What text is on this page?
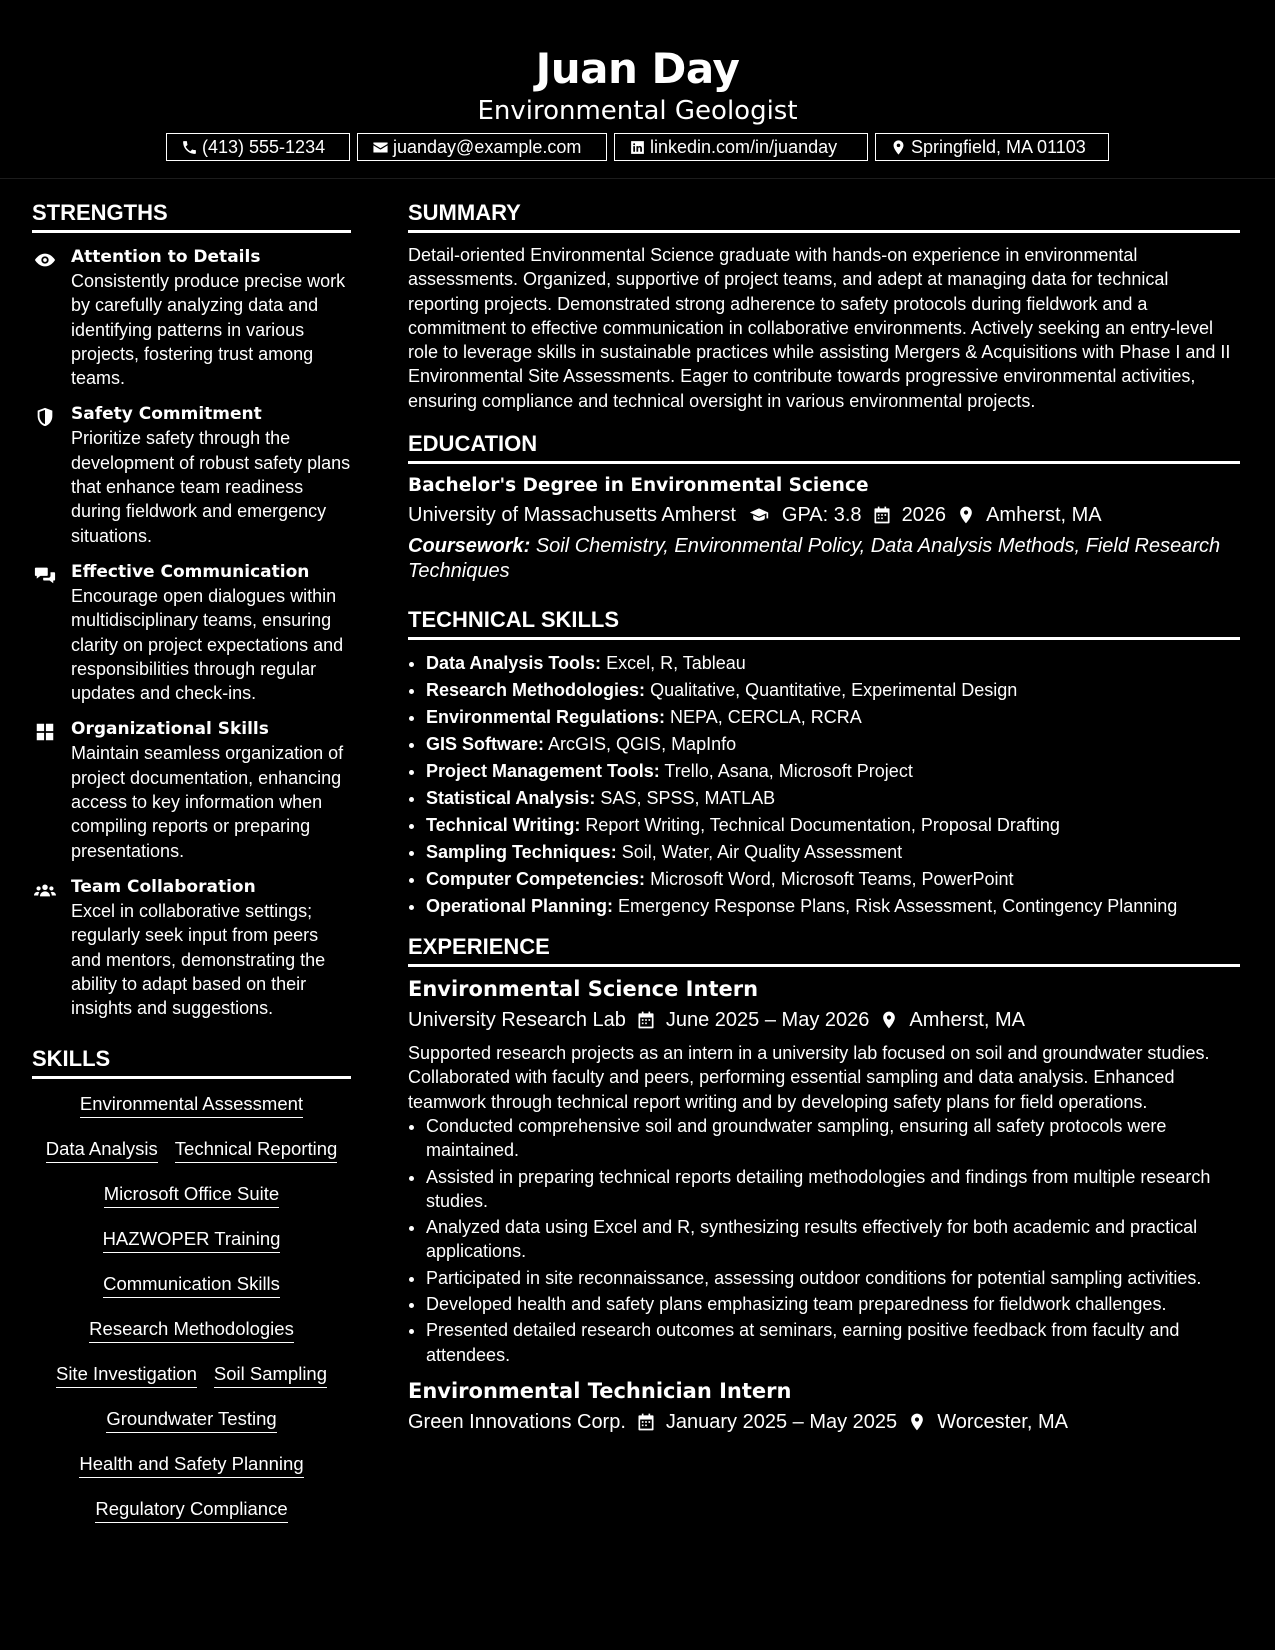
Juan Day
Environmental Geologist
(413) 555-1234	juanday@example.com	linkedin.com/in/juanday	Springfield, MA 01103
STRENGTHS
Attention to Details
Consistently produce precise work by carefully analyzing data and identifying patterns in various projects, fostering trust among teams.
Safety Commitment
Prioritize safety through the development of robust safety plans that enhance team readiness during fieldwork and emergency situations.
Effective Communication
Encourage open dialogues within multidisciplinary teams, ensuring clarity on project expectations and responsibilities through regular updates and check-ins.
Organizational Skills
Maintain seamless organization of project documentation, enhancing access to key information when compiling reports or preparing presentations.
Team Collaboration
Excel in collaborative settings; regularly seek input from peers and mentors, demonstrating the ability to adapt based on their insights and suggestions.
SKILLS
Environmental Assessment
Data Analysis Technical Reporting
Microsoft Office Suite
HAZWOPER Training
Communication Skills
Research Methodologies
Site Investigation Soil Sampling
Groundwater Testing
Health and Safety Planning
Regulatory Compliance
SUMMARY
Detail-oriented Environmental Science graduate with hands-on experience in environmental assessments. Organized, supportive of project teams, and adept at managing data for technical reporting projects. Demonstrated strong adherence to safety protocols during fieldwork and a commitment to effective communication in collaborative environments. Actively seeking an entry-level role to leverage skills in sustainable practices while assisting Mergers & Acquisitions with Phase I and II Environmental Site Assessments. Eager to contribute towards progressive environmental activities, ensuring compliance and technical oversight in various environmental projects.
EDUCATION
Bachelor's Degree in Environmental Science
University of Massachusetts Amherst GPA: 3.8 2026 Amherst, MA
Coursework: Soil Chemistry, Environmental Policy, Data Analysis Methods, Field Research Techniques
TECHNICAL SKILLS
• Data Analysis Tools: Excel, R, Tableau
• Research Methodologies: Qualitative, Quantitative, Experimental Design
• Environmental Regulations: NEPA, CERCLA, RCRA
• GIS Software: ArcGIS, QGIS, MapInfo
• Project Management Tools: Trello, Asana, Microsoft Project
• Statistical Analysis: SAS, SPSS, MATLAB
• Technical Writing: Report Writing, Technical Documentation, Proposal Drafting
• Sampling Techniques: Soil, Water, Air Quality Assessment
• Computer Competencies: Microsoft Word, Microsoft Teams, PowerPoint
• Operational Planning: Emergency Response Plans, Risk Assessment, Contingency Planning
EXPERIENCE
Environmental Science Intern
University Research Lab June 2025 – May 2026 Amherst, MA
Supported research projects as an intern in a university lab focused on soil and groundwater studies. Collaborated with faculty and peers, performing essential sampling and data analysis. Enhanced teamwork through technical report writing and by developing safety plans for field operations.
• Conducted comprehensive soil and groundwater sampling, ensuring all safety protocols were maintained.
• Assisted in preparing technical reports detailing methodologies and findings from multiple research studies.
• Analyzed data using Excel and R, synthesizing results effectively for both academic and practical applications.
• Participated in site reconnaissance, assessing outdoor conditions for potential sampling activities.
• Developed health and safety plans emphasizing team preparedness for fieldwork challenges.
• Presented detailed research outcomes at seminars, earning positive feedback from faculty and attendees.
Environmental Technician Intern
Green Innovations Corp. January 2025 – May 2025 Worcester, MA
